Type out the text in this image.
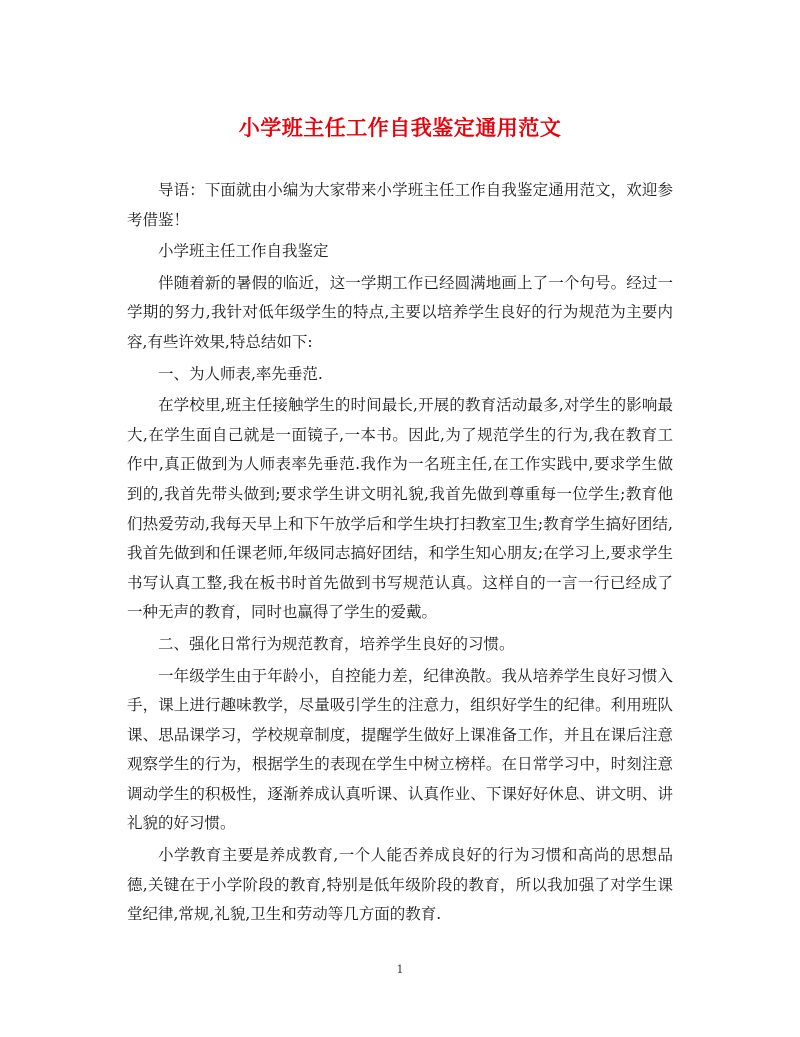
小学班主任工作自我鉴定通用范文

导语：下面就由小编为大家带来小学班主任工作自我鉴定通用范文，欢迎参考借鉴！

小学班主任工作自我鉴定

伴随着新的暑假的临近，这一学期工作已经圆满地画上了一个句号。经过一学期的努力,我针对低年级学生的特点,主要以培养学生良好的行为规范为主要内容,有些许效果,特总结如下:

一、为人师表,率先垂范.

在学校里,班主任接触学生的时间最长,开展的教育活动最多,对学生的影响最大,在学生面自己就是一面镜子,一本书。因此,为了规范学生的行为,我在教育工作中,真正做到为人师表率先垂范.我作为一名班主任,在工作实践中,要求学生做到的,我首先带头做到;要求学生讲文明礼貌,我首先做到尊重每一位学生;教育他们热爱劳动,我每天早上和下午放学后和学生块打扫教室卫生;教育学生搞好团结,我首先做到和任课老师,年级同志搞好团结，和学生知心朋友;在学习上,要求学生书写认真工整,我在板书时首先做到书写规范认真。这样自的一言一行已经成了一种无声的教育，同时也赢得了学生的爱戴。

二、强化日常行为规范教育，培养学生良好的习惯。

一年级学生由于年龄小，自控能力差，纪律涣散。我从培养学生良好习惯入手，课上进行趣味教学，尽量吸引学生的注意力，组织好学生的纪律。利用班队课、思品课学习，学校规章制度，提醒学生做好上课准备工作，并且在课后注意观察学生的行为，根据学生的表现在学生中树立榜样。在日常学习中，时刻注意调动学生的积极性，逐渐养成认真听课、认真作业、下课好好休息、讲文明、讲礼貌的好习惯。

小学教育主要是养成教育,一个人能否养成良好的行为习惯和高尚的思想品德,关键在于小学阶段的教育,特别是低年级阶段的教育，所以我加强了对学生课堂纪律,常规,礼貌,卫生和劳动等几方面的教育.

1
